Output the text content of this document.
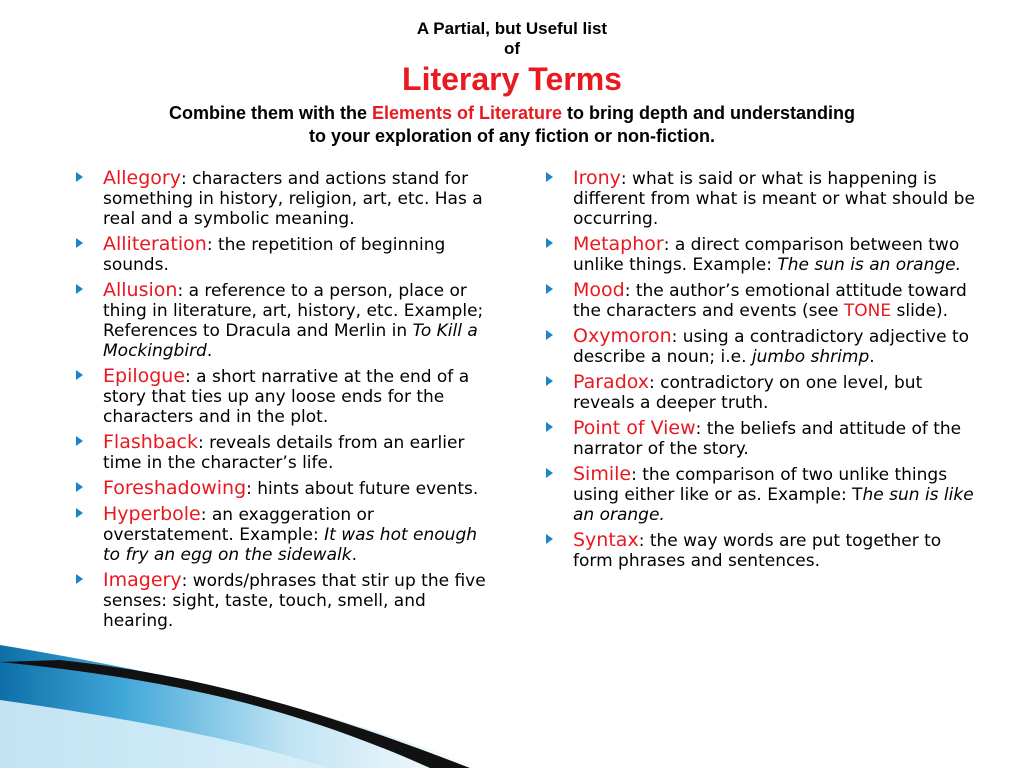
A Partial, but Useful list
of
Literary Terms
Combine them with the Elements of Literature to bring depth and understanding
to your exploration of any fiction or non-fiction.
Allegory: characters and actions stand for something in history, religion, art, etc. Has a real and a symbolic meaning.
Alliteration: the repetition of beginning sounds.
Allusion: a reference to a person, place or thing in literature, art, history, etc. Example; References to Dracula and Merlin in To Kill a Mockingbird.
Epilogue: a short narrative at the end of a story that ties up any loose ends for the characters and in the plot.
Flashback: reveals details from an earlier time in the character’s life.
Foreshadowing: hints about future events.
Hyperbole: an exaggeration or overstatement. Example: It was hot enough to fry an egg on the sidewalk.
Imagery: words/phrases that stir up the five senses: sight, taste, touch, smell, and hearing.
Irony: what is said or what is happening is different from what is meant or what should be occurring.
Metaphor: a direct comparison between two unlike things. Example: The sun is an orange.
Mood: the author’s emotional attitude toward the characters and events (see TONE slide).
Oxymoron: using a contradictory adjective to describe a noun; i.e. jumbo shrimp.
Paradox: contradictory on one level, but reveals a deeper truth.
Point of View: the beliefs and attitude of the narrator of the story.
Simile: the comparison of two unlike things using either like or as. Example: The sun is like an orange.
Syntax: the way words are put together to form phrases and sentences.
